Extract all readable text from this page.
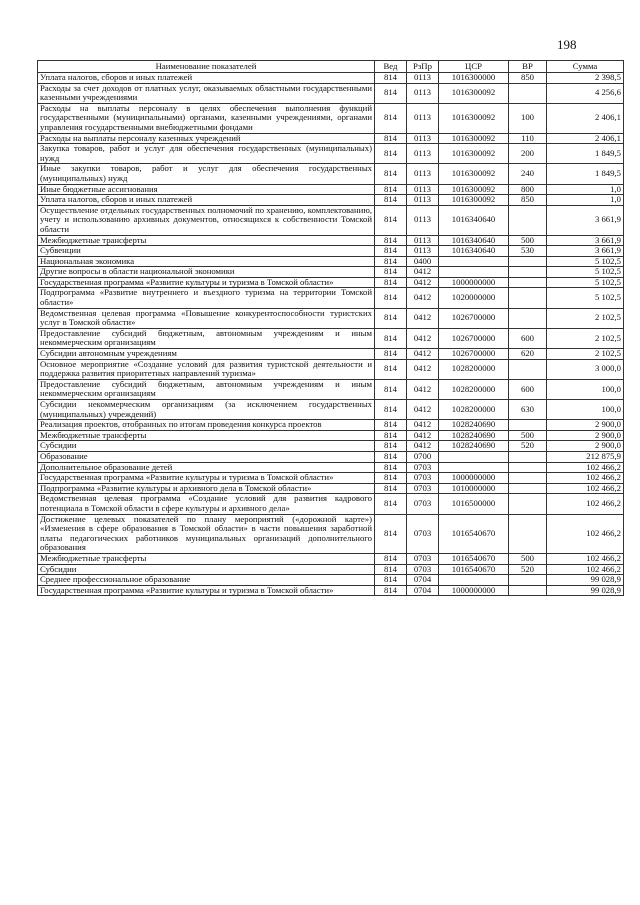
198
Наименование показателей	Вед	РзПр	ЦСР	ВР	Сумма
Уплата налогов, сборов и иных платежей	814	0113	1016300000	850	2 398,5
Расходы за счет доходов от платных услуг, оказываемых областными государственными казенными учреждениями	814	0113	1016300092		4 256,6
Расходы на выплаты персоналу в целях обеспечения выполнения функций государственными (муниципальными) органами, казенными учреждениями, органами управления государственными внебюджетными фондами	814	0113	1016300092	100	2 406,1
Расходы на выплаты персоналу казенных учреждений	814	0113	1016300092	110	2 406,1
Закупка товаров, работ и услуг для обеспечения государственных (муниципальных) нужд	814	0113	1016300092	200	1 849,5
Иные закупки товаров, работ и услуг для обеспечения государственных (муниципальных) нужд	814	0113	1016300092	240	1 849,5
Иные бюджетные ассигнования	814	0113	1016300092	800	1,0
Уплата налогов, сборов и иных платежей	814	0113	1016300092	850	1,0
Осуществление отдельных государственных полномочий по хранению, комплектованию, учету и использованию архивных документов, относящихся к собственности Томской области	814	0113	1016340640		3 661,9
Межбюджетные трансферты	814	0113	1016340640	500	3 661,9
Субвенции	814	0113	1016340640	530	3 661,9
Национальная экономика	814	0400			5 102,5
Другие вопросы в области национальной экономики	814	0412			5 102,5
Государственная программа «Развитие культуры и туризма в Томской области»	814	0412	1000000000		5 102,5
Подпрограмма «Развитие внутреннего и въездного туризма на территории Томской области»	814	0412	1020000000		5 102,5
Ведомственная целевая программа «Повышение конкурентоспособности туристских услуг в Томской области»	814	0412	1026700000		2 102,5
Предоставление субсидий бюджетным, автономным учреждениям и иным некоммерческим организациям	814	0412	1026700000	600	2 102,5
Субсидии автономным учреждениям	814	0412	1026700000	620	2 102,5
Основное мероприятие «Создание условий для развития туристской деятельности и поддержка развития приоритетных направлений туризма»	814	0412	1028200000		3 000,0
Предоставление субсидий бюджетным, автономным учреждениям и иным некоммерческим организациям	814	0412	1028200000	600	100,0
Субсидии некоммерческим организациям (за исключением государственных (муниципальных) учреждений)	814	0412	1028200000	630	100,0
Реализация проектов, отобранных по итогам проведения конкурса проектов	814	0412	1028240690		2 900,0
Межбюджетные трансферты	814	0412	1028240690	500	2 900,0
Субсидии	814	0412	1028240690	520	2 900,0
Образование	814	0700			212 875,9
Дополнительное образование детей	814	0703			102 466,2
Государственная программа «Развитие культуры и туризма в Томской области»	814	0703	1000000000		102 466,2
Подпрограмма «Развитие культуры и архивного дела в Томской области»	814	0703	1010000000		102 466,2
Ведомственная целевая программа «Создание условий для развития кадрового потенциала в Томской области в сфере культуры и архивного дела»	814	0703	1016500000		102 466,2
Достижение целевых показателей по плану мероприятий («дорожной карте») «Изменения в сфере образования в Томской области» в части повышения заработной платы педагогических работников муниципальных организаций дополнительного образования	814	0703	1016540670		102 466,2
Межбюджетные трансферты	814	0703	1016540670	500	102 466,2
Субсидии	814	0703	1016540670	520	102 466,2
Среднее профессиональное образование	814	0704			99 028,9
Государственная программа «Развитие культуры и туризма в Томской области»	814	0704	1000000000		99 028,9
